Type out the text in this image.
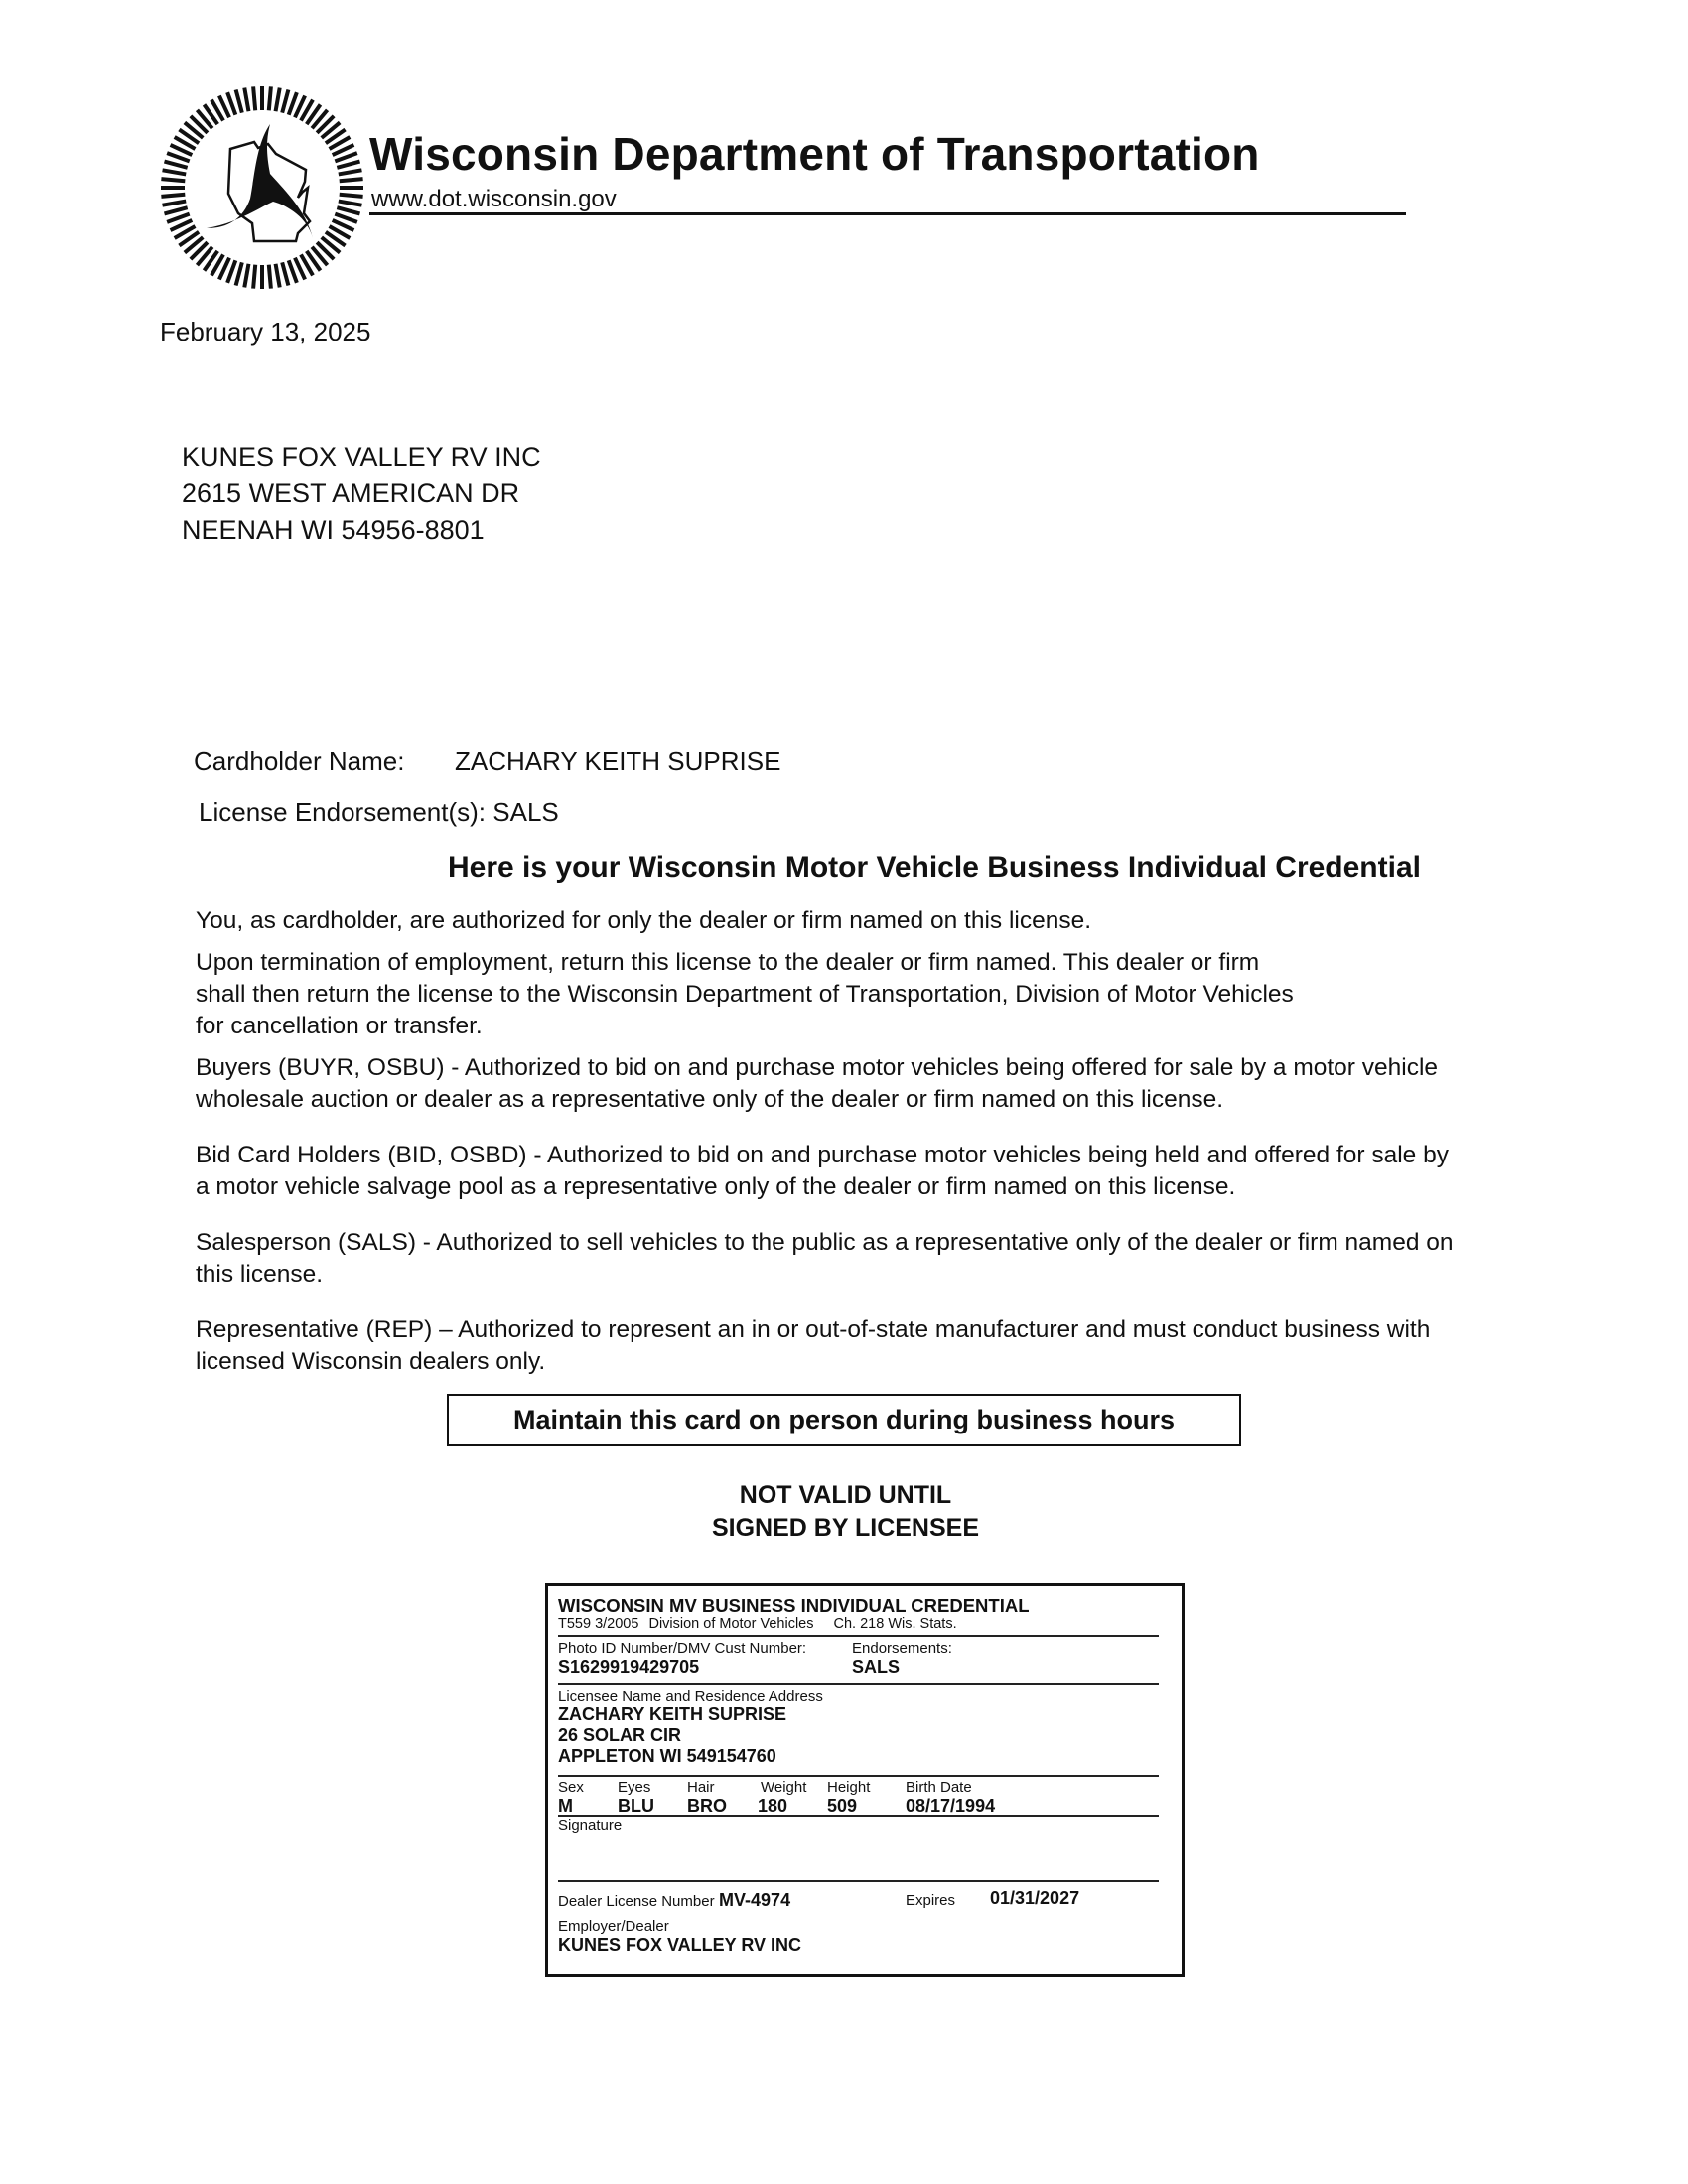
Wisconsin Department of Transportation
www.dot.wisconsin.gov
February 13, 2025
KUNES FOX VALLEY RV INC
2615 WEST AMERICAN DR
NEENAH WI 54956-8801
Cardholder Name: ZACHARY KEITH SUPRISE
License Endorsement(s): SALS
Here is your Wisconsin Motor Vehicle Business Individual Credential

You, as cardholder, are authorized for only the dealer or firm named on this license.

Upon termination of employment, return this license to the dealer or firm named. This dealer or firm
shall then return the license to the Wisconsin Department of Transportation, Division of Motor Vehicles
for cancellation or transfer.

Buyers (BUYR, OSBU) - Authorized to bid on and purchase motor vehicles being offered for sale by a motor vehicle
wholesale auction or dealer as a representative only of the dealer or firm named on this license.

Bid Card Holders (BID, OSBD) - Authorized to bid on and purchase motor vehicles being held and offered for sale by
a motor vehicle salvage pool as a representative only of the dealer or firm named on this license.

Salesperson (SALS) - Authorized to sell vehicles to the public as a representative only of the dealer or firm named on
this license.

Representative (REP) – Authorized to represent an in or out-of-state manufacturer and must conduct business with
licensed Wisconsin dealers only.

Maintain this card on person during business hours
NOT VALID UNTIL
SIGNED BY LICENSEE
WISCONSIN MV BUSINESS INDIVIDUAL CREDENTIAL
T559 3/2005 Division of Motor Vehicles Ch. 218 Wis. Stats.
Photo ID Number/DMV Cust Number:
S1629919429705
Endorsements:
SALS
Licensee Name and Residence Address
ZACHARY KEITH SUPRISE
26 SOLAR CIR
APPLETON WI 549154760
Sex
M
Eyes
BLU
Hair
BRO
Weight
180
Height
509
Birth Date
08/17/1994
Signature
Dealer License Number MV-4974	Expires 01/31/2027
Employer/Dealer
KUNES FOX VALLEY RV INC
